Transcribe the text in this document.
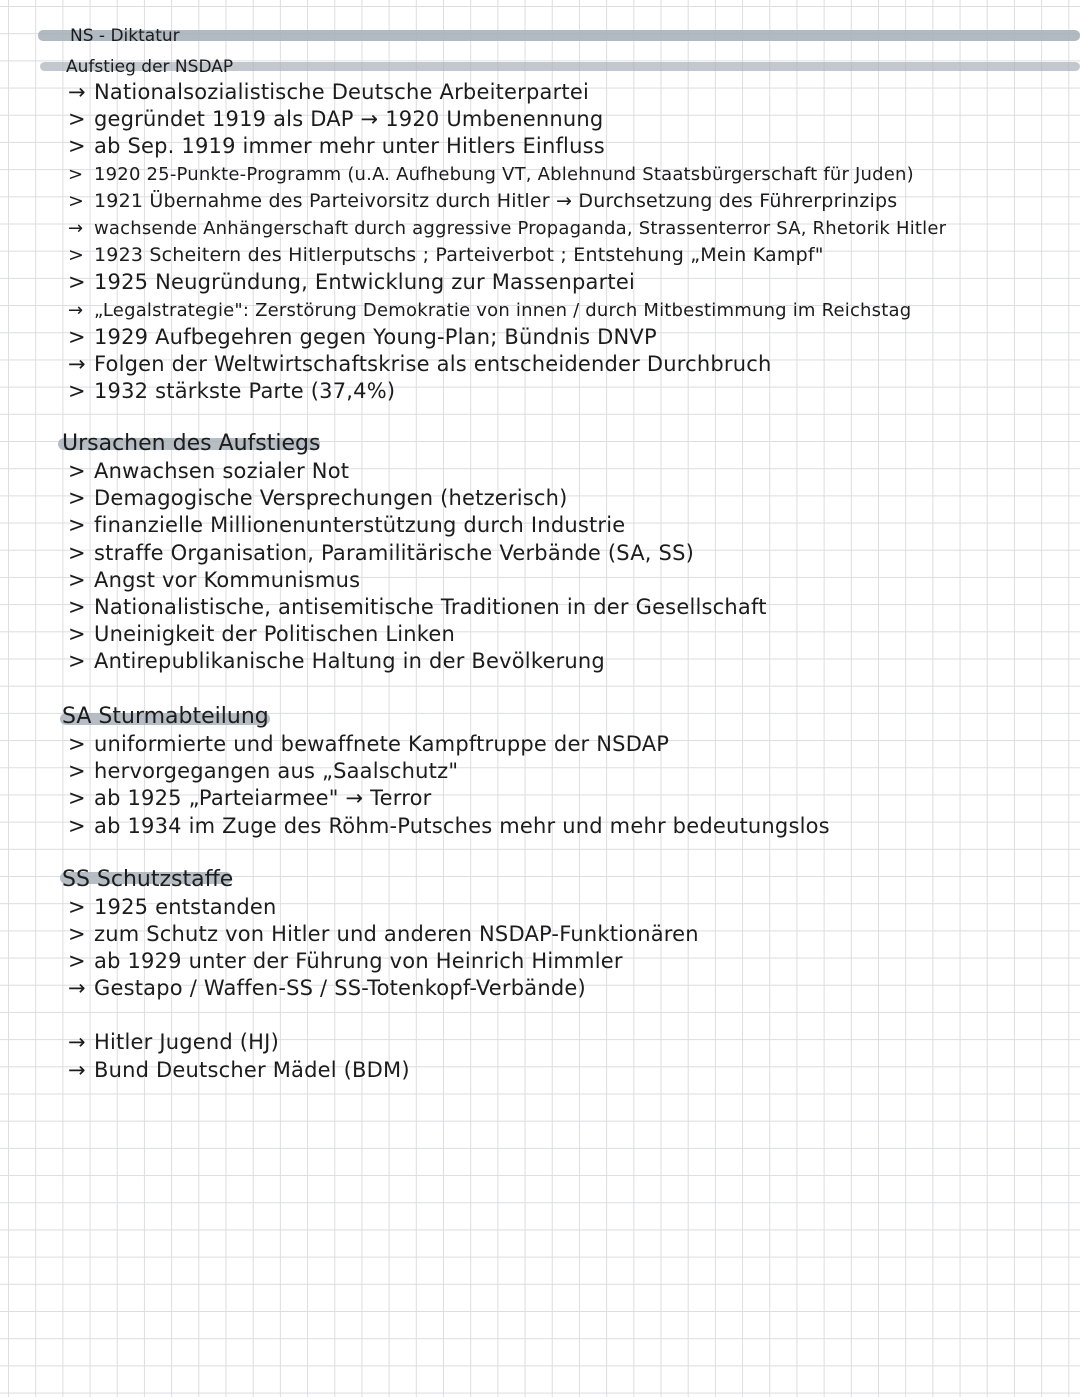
NS - Diktatur
Aufstieg der NSDAP
→ Nationalsozialistische Deutsche Arbeiterpartei
> gegründet 1919 als DAP → 1920 Umbenennung
> ab Sep. 1919 immer mehr unter Hitlers Einfluss
> 1920 25-Punkte-Programm (u.A. Aufhebung VT, Ablehnund Staatsbürgerschaft für Juden)
> 1921 Übernahme des Parteivorsitz durch Hitler → Durchsetzung des Führerprinzips
→ wachsende Anhängerschaft durch aggressive Propaganda, Strassenterror SA, Rhetorik Hitler
> 1923 Scheitern des Hitlerputschs ; Parteiverbot ; Entstehung „Mein Kampf"
> 1925 Neugründung, Entwicklung zur Massenpartei
→ „Legalstrategie": Zerstörung Demokratie von innen / durch Mitbestimmung im Reichstag
> 1929 Aufbegehren gegen Young-Plan; Bündnis DNVP
→ Folgen der Weltwirtschaftskrise als entscheidender Durchbruch
> 1932 stärkste Parte (37,4%)
Ursachen des Aufstiegs
> Anwachsen sozialer Not
> Demagogische Versprechungen (hetzerisch)
> finanzielle Millionenunterstützung durch Industrie
> straffe Organisation, Paramilitärische Verbände (SA, SS)
> Angst vor Kommunismus
> Nationalistische, antisemitische Traditionen in der Gesellschaft
> Uneinigkeit der Politischen Linken
> Antirepublikanische Haltung in der Bevölkerung
SA Sturmabteilung
> uniformierte und bewaffnete Kampftruppe der NSDAP
> hervorgegangen aus „Saalschutz"
> ab 1925 „Parteiarmee" → Terror
> ab 1934 im Zuge des Röhm-Putsches mehr und mehr bedeutungslos
SS Schutzstaffe
> 1925 entstanden
> zum Schutz von Hitler und anderen NSDAP-Funktionären
> ab 1929 unter der Führung von Heinrich Himmler
→ Gestapo / Waffen-SS / SS-Totenkopf-Verbände)
→ Hitler Jugend (HJ)
→ Bund Deutscher Mädel (BDM)
